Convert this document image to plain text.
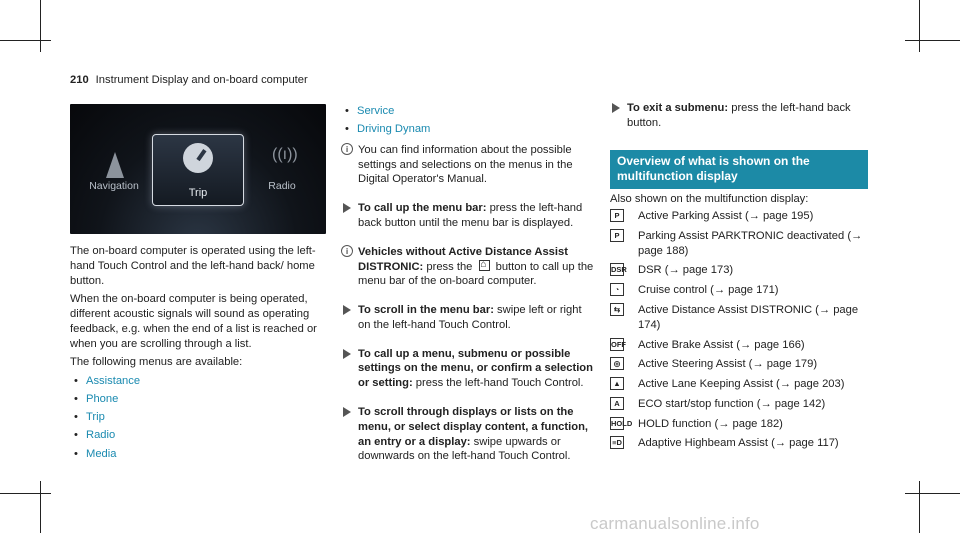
210 Instrument Display and on-board computer
Navigation
Trip
((ı))
Radio

The on-board computer is operated using the left-hand Touch Control and the left-hand back/ home button.

When the on-board computer is being operated, different acoustic signals will sound as operating feedback, e.g. when the end of a list is reached or when you are scrolling through a list.

The following menus are available:

• Assistance
• Phone
• Trip
• Radio
• Media
• Service
• Driving Dynam
i You can find information about the possible settings and selections on the menus in the Digital Operator's Manual.
To call up the menu bar: press the left-hand back button until the menu bar is displayed.
i Vehicles without Active Distance Assist DISTRONIC: press the ⌂ button to call up the menu bar of the on-board computer.
To scroll in the menu bar: swipe left or right on the left-hand Touch Control.
To call up a menu, submenu or possible settings on the menu, or confirm a selection or setting: press the left-hand Touch Control.
To scroll through displays or lists on the menu, or select display content, a function, an entry or a display: swipe upwards or downwards on the left-hand Touch Control.
To exit a submenu: press the left-hand back button.
Overview of what is shown on the multifunction display

Also shown on the multifunction display:

P	Active Parking Assist (→ page 195)
P	Parking Assist PARKTRONIC deactivated (→ page 188)
DSR DSR (→ page 173)
◔	Cruise control (→ page 171)
⇆	Active Distance Assist DISTRONIC (→ page 174)
OFF Active Brake Assist (→ page 166)
◎	Active Steering Assist (→ page 179)
▲ Active Lane Keeping Assist (→ page 203)
A	ECO start/stop function (→ page 142)
HOLD HOLD function (→ page 182)
≡D Adaptive Highbeam Assist (→ page 117)
carmanualsonline.info
